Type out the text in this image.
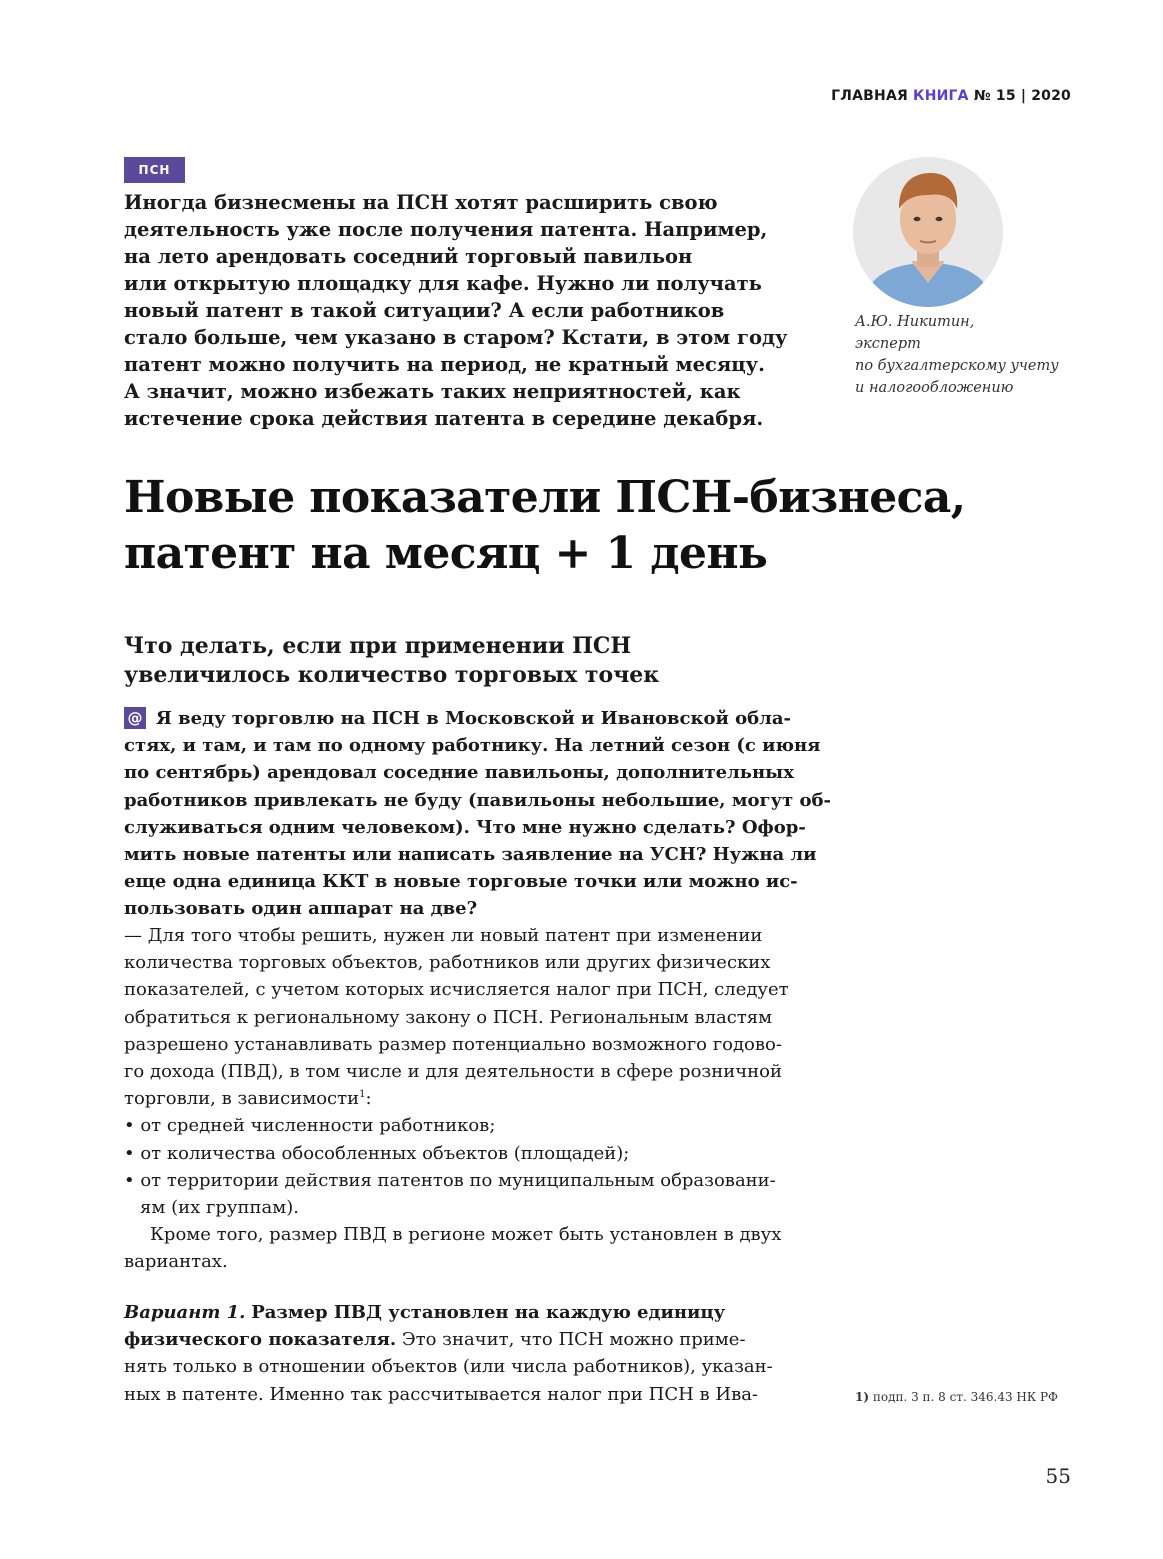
ГЛАВНАЯ КНИГА № 15 | 2020
ПСН
Иногда бизнесмены на ПСН хотят расширить свою
деятельность уже после получения патента. Например,
на лето арендовать соседний торговый павильон
или открытую площадку для кафе. Нужно ли получать
новый патент в такой ситуации? А если работников
стало больше, чем указано в старом? Кстати, в этом году
патент можно получить на период, не кратный месяцу.
А значит, можно избежать таких неприятностей, как
истечение срока действия патента в середине декабря.
А.Ю. Никитин,
эксперт
по бухгалтерскому учету
и налогообложению
Новые показатели ПСН-бизнеса,
патент на месяц + 1 день
Что делать, если при применении ПСН
увеличилось количество торговых точек
@ Я веду торговлю на ПСН в Московской и Ивановской обла-
стях, и там, и там по одному работнику. На летний сезон (с июня
по сентябрь) арендовал соседние павильоны, дополнительных
работников привлекать не буду (павильоны небольшие, могут об-
служиваться одним человеком). Что мне нужно сделать? Офор-
мить новые патенты или написать заявление на УСН? Нужна ли
еще одна единица ККТ в новые торговые точки или можно ис-
пользовать один аппарат на две?
— Для того чтобы решить, нужен ли новый патент при изменении
количества торговых объектов, работников или других физических
показателей, с учетом которых исчисляется налог при ПСН, следует
обратиться к региональному закону о ПСН. Региональным властям
разрешено устанавливать размер потенциально возможного годово-
го дохода (ПВД), в том числе и для деятельности в сфере розничной
торговли, в зависимости$^1$:
• от средней численности работников;
• от количества обособленных объектов (площадей);
• от территории действия патентов по муниципальным образовани-
ям (их группам).
Кроме того, размер ПВД в регионе может быть установлен в двух
вариантах.
Вариант 1. Размер ПВД установлен на каждую единицу
физического показателя. Это значит, что ПСН можно приме-
нять только в отношении объектов (или числа работников), указан-
ных в патенте. Именно так рассчитывается налог при ПСН в Ива-	1) подп. 3 п. 8 ст. 346.43 НК РФ
55
